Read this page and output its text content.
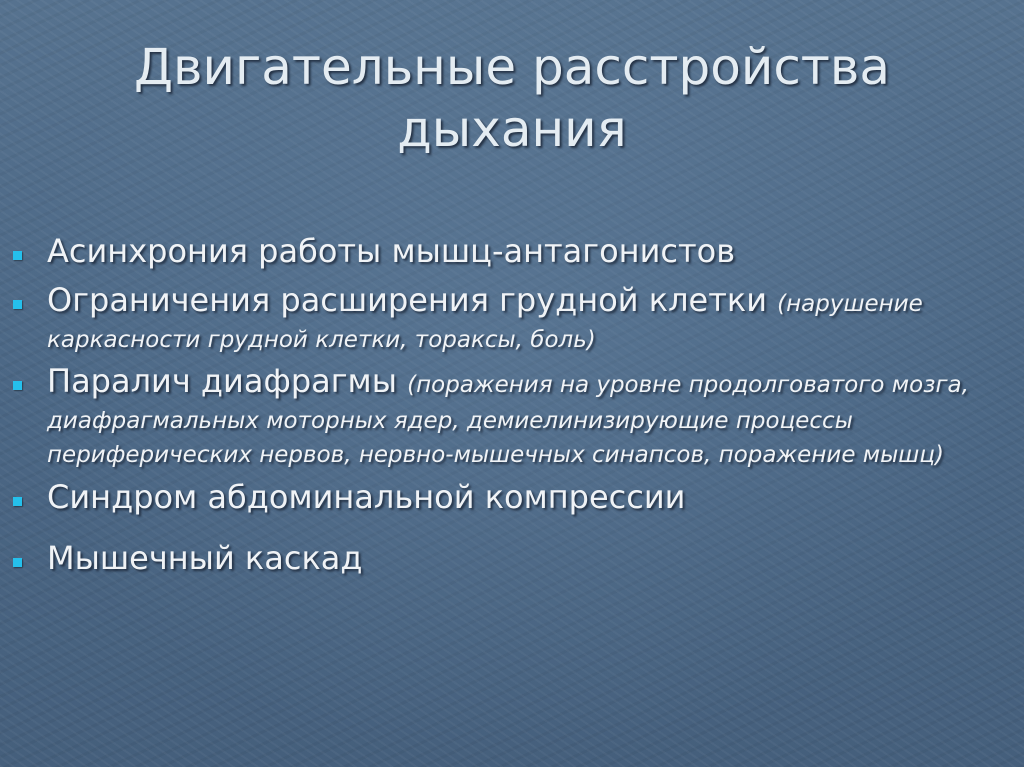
Двигательные расстройства
дыхания
Асинхрония работы мышц-антагонистов
Ограничения расширения грудной клетки (нарушение каркасности грудной клетки, тораксы, боль)
Паралич диафрагмы (поражения на уровне продолговатого мозга, диафрагмальных моторных ядер, демиелинизирующие процессы периферических нервов, нервно-мышечных синапсов, поражение мышц)
Синдром абдоминальной компрессии
Мышечный каскад
